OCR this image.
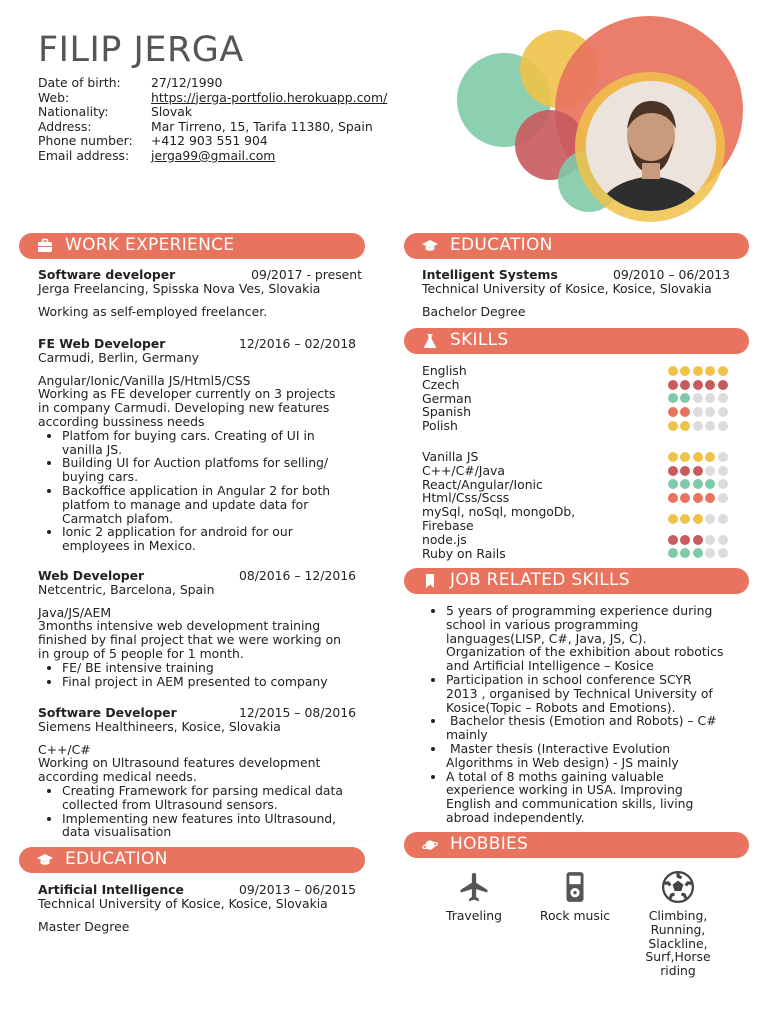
FILIP JERGA
Date of birth:	27/12/1990
Web:	https://jerga-portfolio.herokuapp.com/
Nationality:	Slovak
Address:	Mar Tirreno, 15, Tarifa 11380, Spain
Phone number:	+412 903 551 904
Email address:	jerga99@gmail.com
WORK EXPERIENCE
Software developer	09/2017 - present

Jerga Freelancing, Spisska Nova Ves, Slovakia

Working as self-employed freelancer.

FE Web Developer	12/2016 – 02/2018

Carmudi, Berlin, Germany

Angular/Ionic/Vanilla JS/Html5/CSS

Working as FE developer currently on 3 projects in company Carmudi. Developing new features according bussiness needs

• Platfom for buying cars. Creating of UI in vanilla JS.
• Building UI for Auction platfoms for selling/ buying cars.
• Backoffice application in Angular 2 for both platfom to manage and update data for Carmatch plafom.
• Ionic 2 application for android for our employees in Mexico.
Web Developer	08/2016 – 12/2016

Netcentric, Barcelona, Spain

Java/JS/AEM

3months intensive web development training finished by final project that we were working on in group of 5 people for 1 month.

• FE/ BE intensive training
• Final project in AEM presented to company
Software Developer	12/2015 – 08/2016

Siemens Healthineers, Kosice, Slovakia

C++/C#

Working on Ultrasound features development according medical needs.

• Creating Framework for parsing medical data collected from Ultrasound sensors.
• Implementing new features into Ultrasound, data visualisation
EDUCATION
Artificial Intelligence	09/2013 – 06/2015

Technical University of Kosice, Kosice, Slovakia

Master Degree

EDUCATION
Intelligent Systems	09/2010 – 06/2013

Technical University of Kosice, Kosice, Slovakia

Bachelor Degree

SKILLS
English
Czech
German
Spanish
Polish
Vanilla JS
C++/C#/Java
React/Angular/Ionic
Html/Css/Scss
mySql, noSql, mongoDb, Firebase
node.js
Ruby on Rails
JOB RELATED SKILLS
• 5 years of programming experience during school in various programming languages(LISP, C#, Java, JS, C). Organization of the exhibition about robotics and Artificial Intelligence – Kosice
• Participation in school conference SCYR 2013 , organised by Technical University of Kosice(Topic – Robots and Emotions).
•  Bachelor thesis (Emotion and Robots) – C# mainly
•  Master thesis (Interactive Evolution Algorithms in Web design) - JS mainly
• A total of 8 moths gaining valuable experience working in USA. Improving English and communication skills, living abroad independently.
HOBBIES
Traveling	Rock music	Climbing, Running, Slackline, Surf,Horse riding
